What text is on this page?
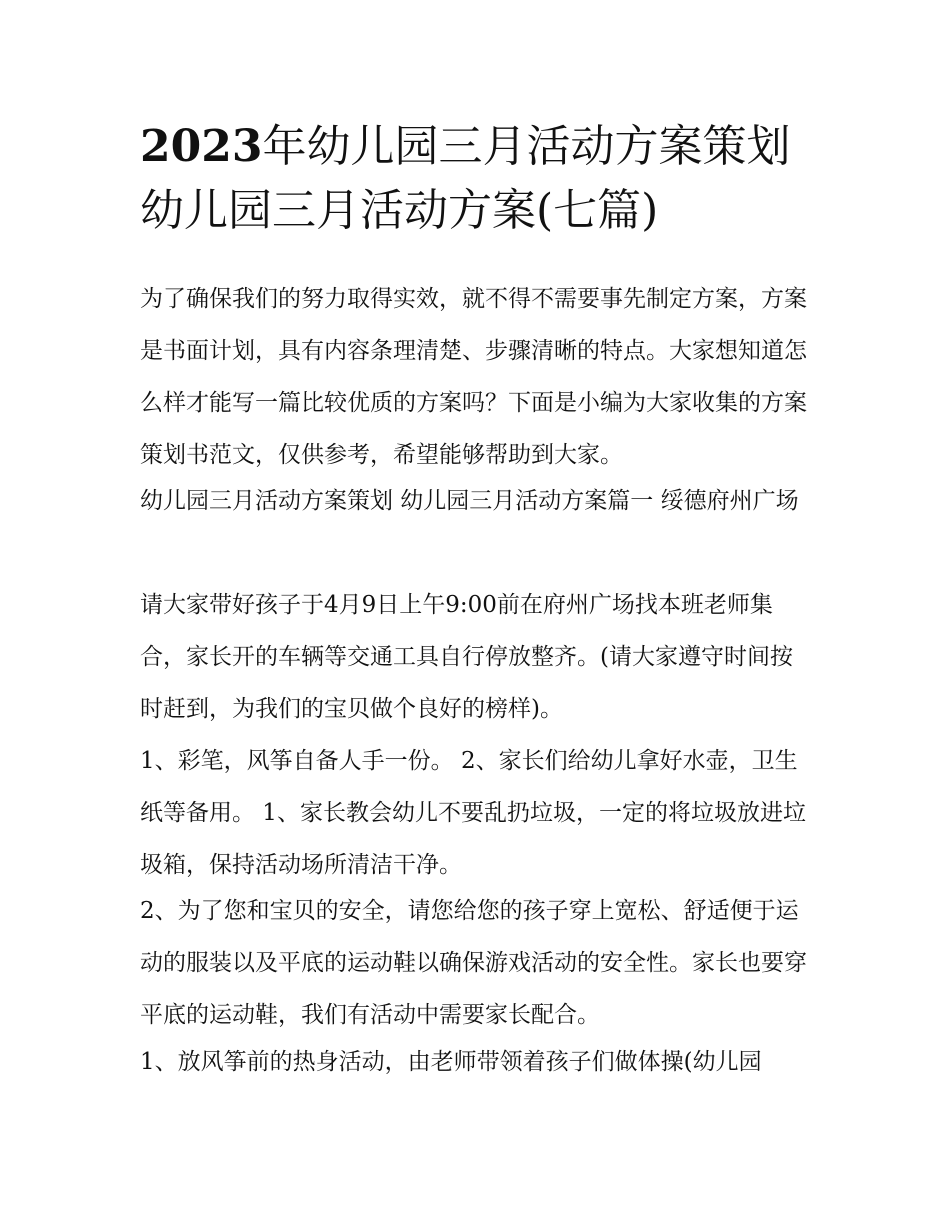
2023年幼儿园三月活动方案策划 幼儿园三月活动方案(七篇)

为了确保我们的努力取得实效，就不得不需要事先制定方案，方案是书面计划，具有内容条理清楚、步骤清晰的特点。大家想知道怎么样才能写一篇比较优质的方案吗？下面是小编为大家收集的方案策划书范文，仅供参考，希望能够帮助到大家。

幼儿园三月活动方案策划 幼儿园三月活动方案篇一 绥德府州广场

请大家带好孩子于4月9日上午9:00前在府州广场找本班老师集合，家长开的车辆等交通工具自行停放整齐。(请大家遵守时间按时赶到，为我们的宝贝做个良好的榜样)。

1、彩笔，风筝自备人手一份。 2、家长们给幼儿拿好水壶，卫生纸等备用。 1、家长教会幼儿不要乱扔垃圾，一定的将垃圾放进垃圾箱，保持活动场所清洁干净。

2、为了您和宝贝的安全，请您给您的孩子穿上宽松、舒适便于运动的服装以及平底的运动鞋以确保游戏活动的安全性。家长也要穿平底的运动鞋，我们有活动中需要家长配合。

1、放风筝前的热身活动，由老师带领着孩子们做体操(幼儿园
